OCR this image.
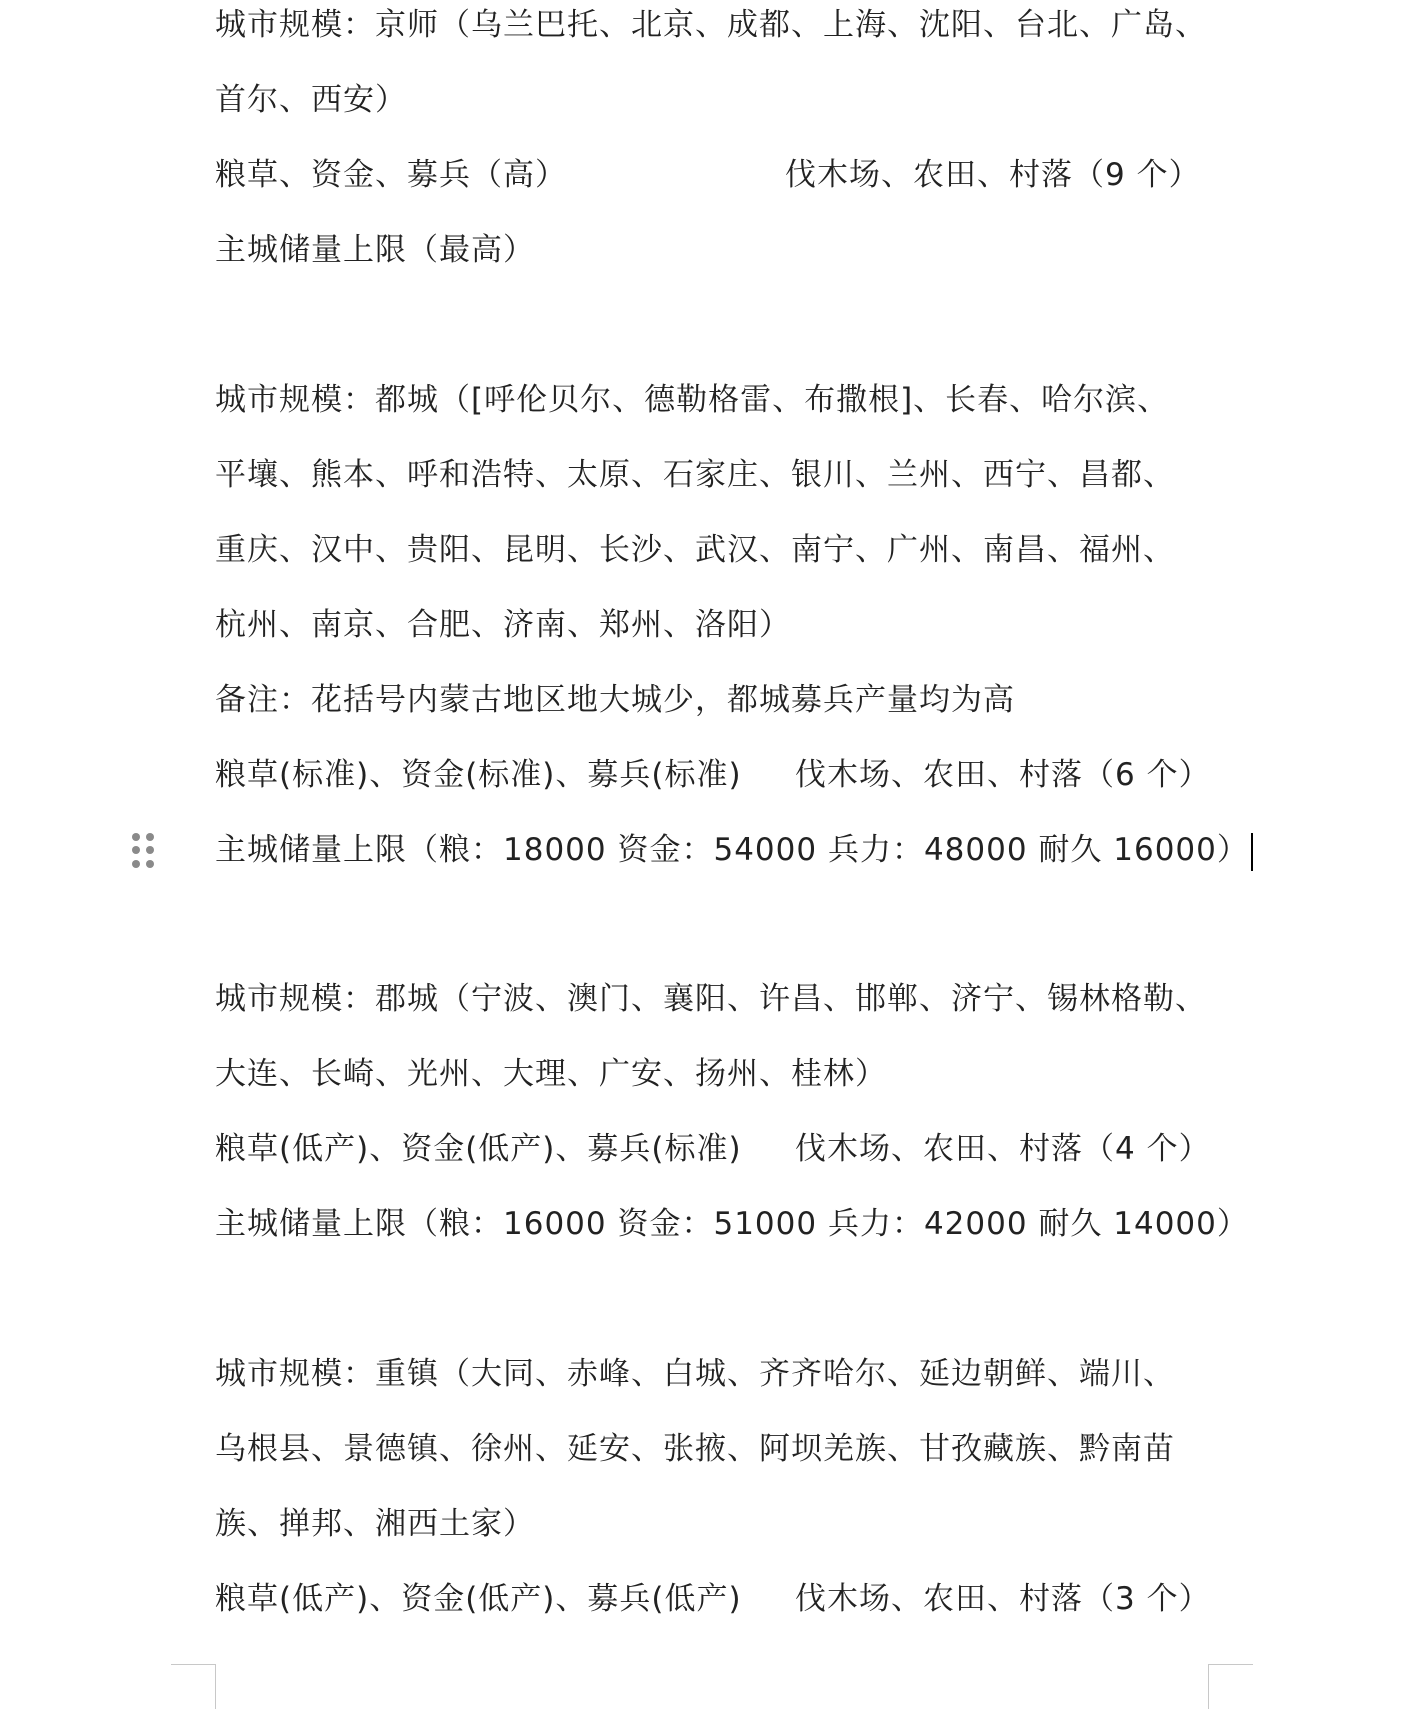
城市规模：京师（乌兰巴托、北京、成都、上海、沈阳、台北、广岛、
首尔、西安）
粮草、资金、募兵（高）	伐木场、农田、村落（9 个）
主城储量上限（最高）
城市规模：都城（[呼伦贝尔、德勒格雷、布撒根]、长春、哈尔滨、
平壤、熊本、呼和浩特、太原、石家庄、银川、兰州、西宁、昌都、
重庆、汉中、贵阳、昆明、长沙、武汉、南宁、广州、南昌、福州、
杭州、南京、合肥、济南、郑州、洛阳）
备注：花括号内蒙古地区地大城少，都城募兵产量均为高
粮草(标准)、资金(标准)、募兵(标准) 伐木场、农田、村落（6 个）
主城储量上限（粮：18000 资金：54000 兵力：48000 耐久 16000）
城市规模：郡城（宁波、澳门、襄阳、许昌、邯郸、济宁、锡林格勒、
大连、长崎、光州、大理、广安、扬州、桂林）
粮草(低产)、资金(低产)、募兵(标准) 伐木场、农田、村落（4 个）
主城储量上限（粮：16000 资金：51000 兵力：42000 耐久 14000）
城市规模：重镇（大同、赤峰、白城、齐齐哈尔、延边朝鲜、端川、
乌根县、景德镇、徐州、延安、张掖、阿坝羌族、甘孜藏族、黔南苗
族、掸邦、湘西土家）
粮草(低产)、资金(低产)、募兵(低产) 伐木场、农田、村落（3 个）
